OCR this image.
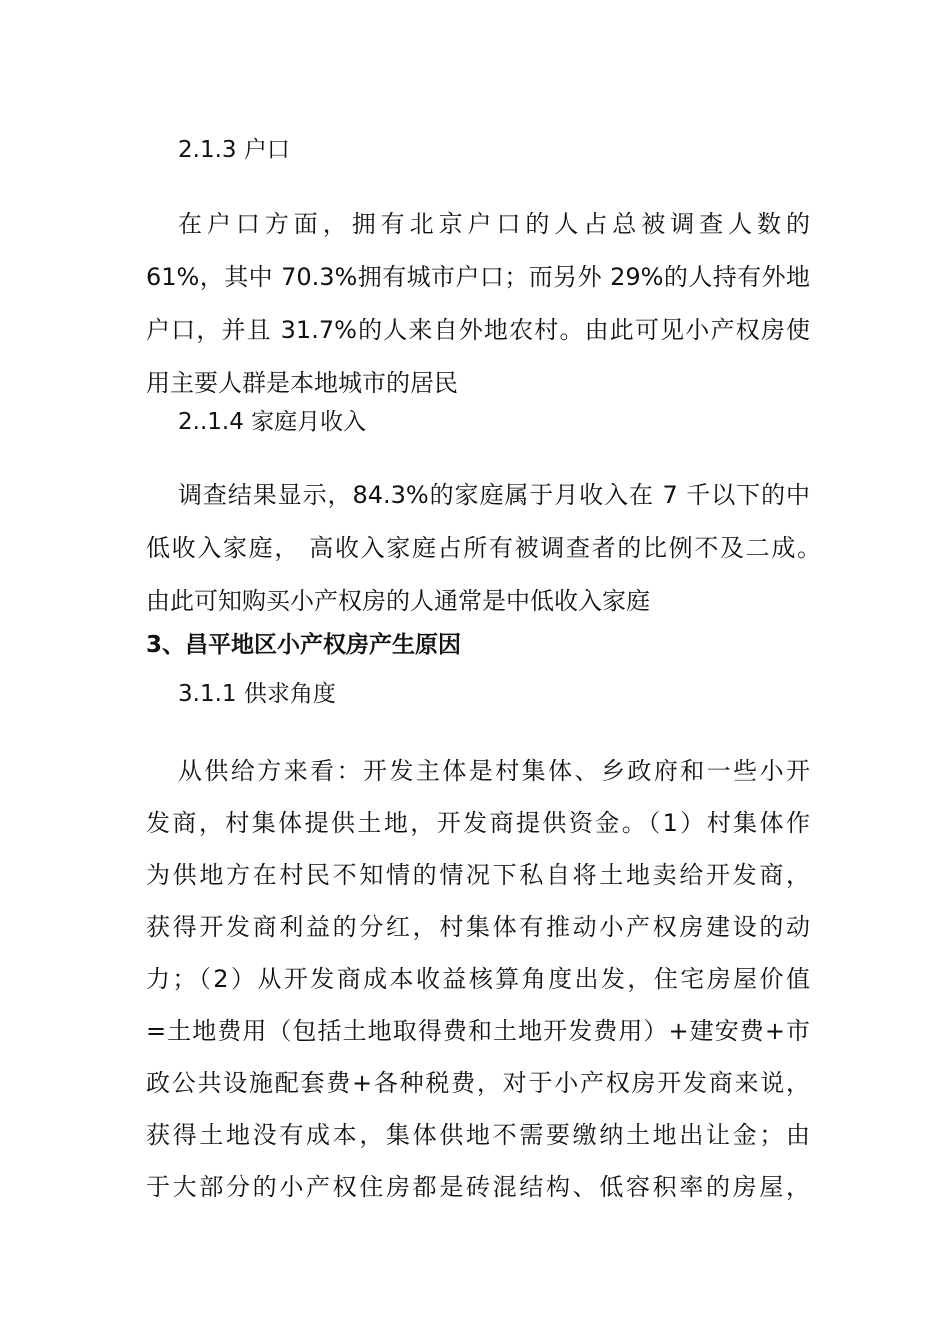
2.1.3 户口
在户口方面，拥有北京户口的人占总被调查人数的
61%，其中 70.3%拥有城市户口；而另外 29%的人持有外地
户口，并且 31.7%的人来自外地农村。由此可见小产权房使
用主要人群是本地城市的居民
2..1.4 家庭月收入
调查结果显示，84.3%的家庭属于月收入在 7 千以下的中
低收入家庭， 高收入家庭占所有被调查者的比例不及二成。
由此可知购买小产权房的人通常是中低收入家庭
3、昌平地区小产权房产生原因
3.1.1 供求角度
从供给方来看：开发主体是村集体、乡政府和一些小开
发商，村集体提供土地，开发商提供资金。（1）村集体作
为供地方在村民不知情的情况下私自将土地卖给开发商，
获得开发商利益的分红，村集体有推动小产权房建设的动
力；（2）从开发商成本收益核算角度出发，住宅房屋价值
=土地费用（包括土地取得费和土地开发费用）+建安费+市
政公共设施配套费+各种税费，对于小产权房开发商来说，
获得土地没有成本，集体供地不需要缴纳土地出让金；由
于大部分的小产权住房都是砖混结构、低容积率的房屋，
